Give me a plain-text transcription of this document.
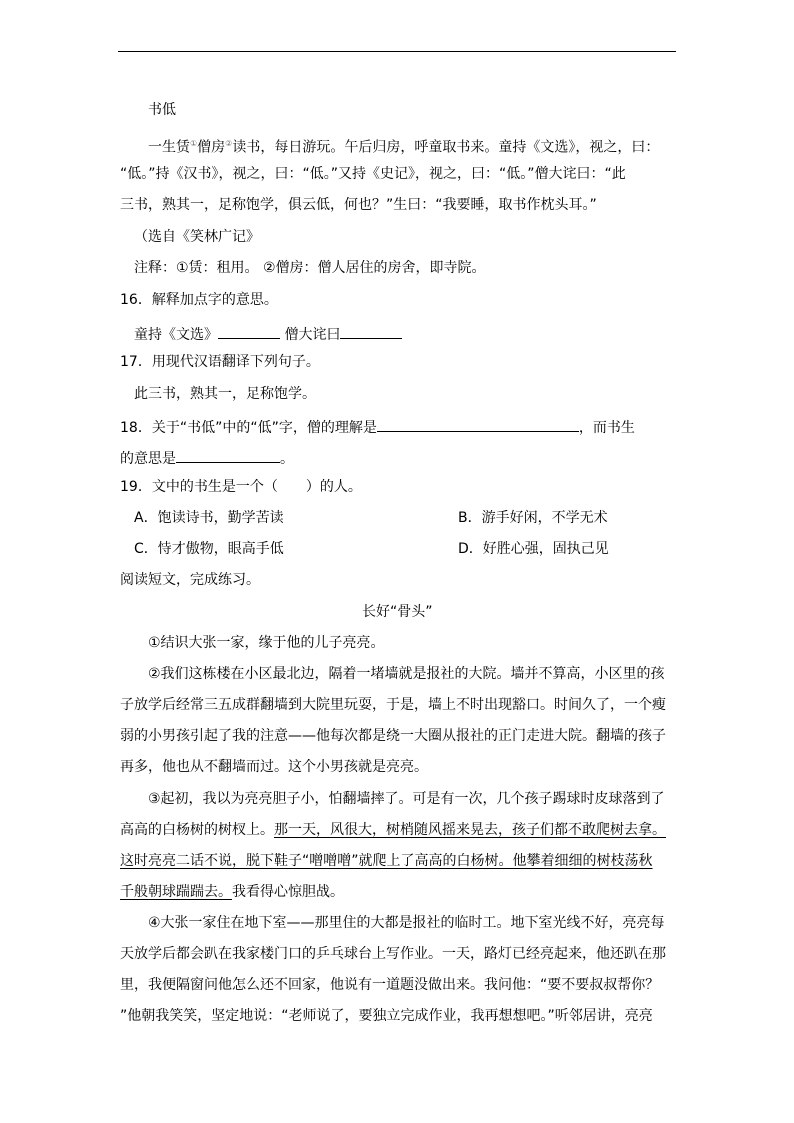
书低
一生赁①僧房②读书，每日游玩。午后归房，呼童取书来。童持《文选》，视之，曰：
“低。”持《汉书》，视之，曰：“低。”又持《史记》，视之，曰：“低。”僧大诧曰：“此
三书，熟其一，足称饱学，俱云低，何也？”生曰：“我要睡，取书作枕头耳。”
（选自《笑林广记》
注释：①赁：租用。 ②僧房：僧人居住的房舍，即寺院。
16．解释加点字的意思。
童持《文选》	僧大诧曰
17．用现代汉语翻译下列句子。
此三书，熟其一，足称饱学。
18．关于“书低”中的“低”字，僧的理解是	，而书生
的意思是	。
19．文中的书生是一个（　　）的人。
A．饱读诗书，勤学苦读	B．游手好闲，不学无术
C．恃才傲物，眼高手低	D．好胜心强，固执己见
阅读短文，完成练习。
长好“骨头”
①结识大张一家，缘于他的儿子亮亮。
②我们这栋楼在小区最北边，隔着一堵墙就是报社的大院。墙并不算高，小区里的孩
子放学后经常三五成群翻墙到大院里玩耍，于是，墙上不时出现豁口。时间久了，一个瘦
弱的小男孩引起了我的注意——他每次都是绕一大圈从报社的正门走进大院。翻墙的孩子
再多，他也从不翻墙而过。这个小男孩就是亮亮。
③起初，我以为亮亮胆子小，怕翻墙摔了。可是有一次，几个孩子踢球时皮球落到了
高高的白杨树的树杈上。那一天，风很大，树梢随风摇来晃去，孩子们都不敢爬树去拿。
这时亮亮二话不说，脱下鞋子“噌噌噌”就爬上了高高的白杨树。他攀着细细的树枝荡秋
千般朝球踹踹去。我看得心惊胆战。
④大张一家住在地下室——那里住的大都是报社的临时工。地下室光线不好，亮亮每
天放学后都会趴在我家楼门口的乒乓球台上写作业。一天，路灯已经亮起来，他还趴在那
里，我便隔窗问他怎么还不回家，他说有一道题没做出来。我问他：“要不要叔叔帮你？
”他朝我笑笑，坚定地说：“老师说了，要独立完成作业，我再想想吧。”听邻居讲，亮亮
